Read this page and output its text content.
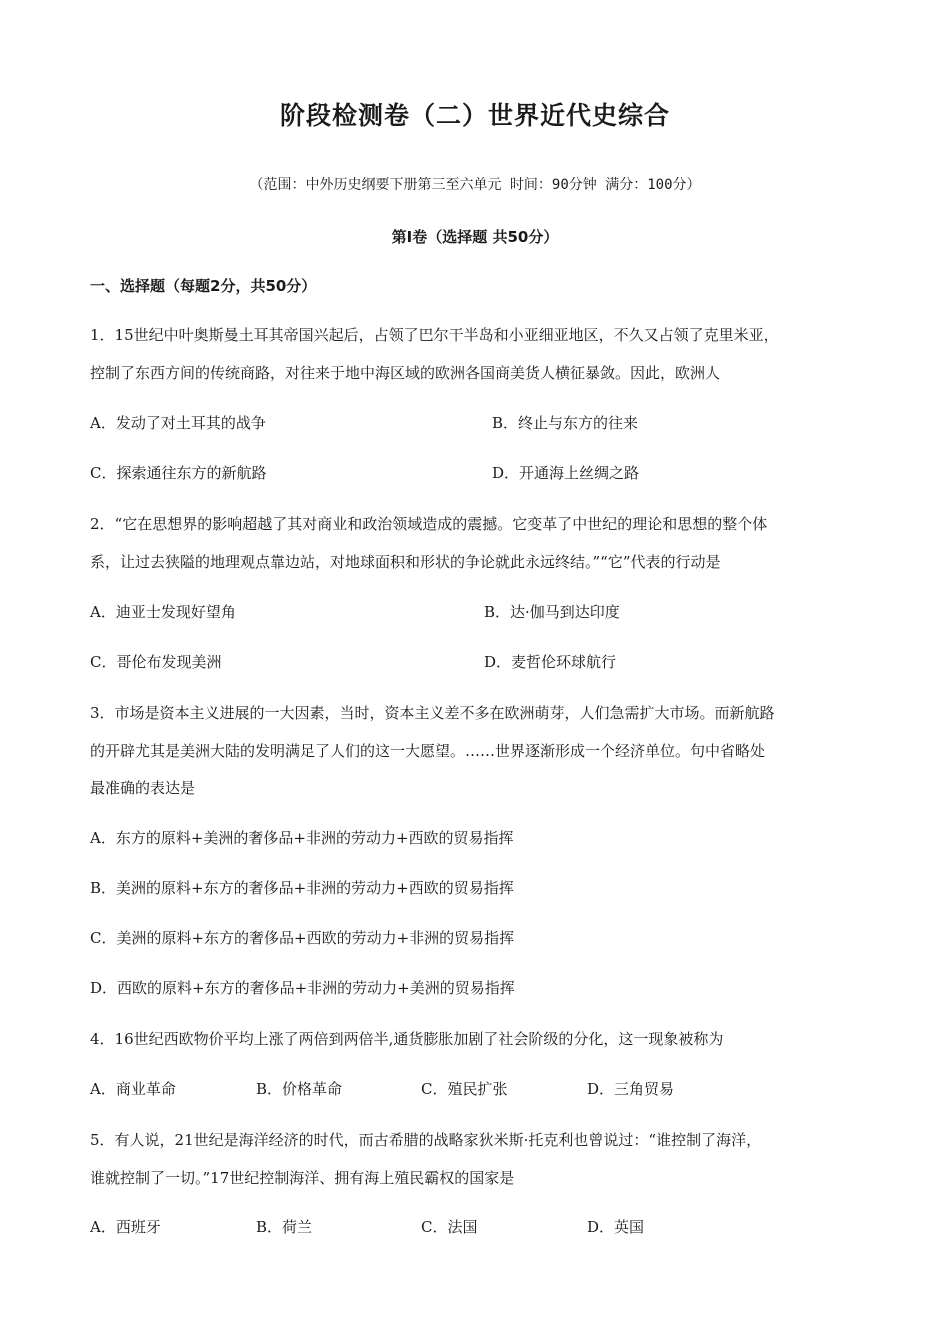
阶段检测卷（二）世界近代史综合
（范围：中外历史纲要下册第三至六单元 时间：90分钟 满分：100分）
第Ⅰ卷（选择题 共50分）
一、选择题（每题2分，共50分）
1．15世纪中叶奥斯曼土耳其帝国兴起后，占领了巴尔干半岛和小亚细亚地区，不久又占领了克里米亚，
控制了东西方间的传统商路，对往来于地中海区域的欧洲各国商美货人横征暴敛。因此，欧洲人
A．发动了对土耳其的战争	B．终止与东方的往来
C．探索通往东方的新航路	D．开通海上丝绸之路
2．“它在思想界的影响超越了其对商业和政治领域造成的震撼。它变革了中世纪的理论和思想的整个体
系，让过去狭隘的地理观点靠边站，对地球面积和形状的争论就此永远终结。”“它”代表的行动是
A．迪亚士发现好望角	B．达·伽马到达印度
C．哥伦布发现美洲	D．麦哲伦环球航行
3．市场是资本主义进展的一大因素，当时，资本主义差不多在欧洲萌芽，人们急需扩大市场。而新航路
的开辟尤其是美洲大陆的发明满足了人们的这一大愿望。……世界逐渐形成一个经济单位。句中省略处
最准确的表达是
A．东方的原料+美洲的奢侈品+非洲的劳动力+西欧的贸易指挥
B．美洲的原料+东方的奢侈品+非洲的劳动力+西欧的贸易指挥
C．美洲的原料+东方的奢侈品+西欧的劳动力+非洲的贸易指挥
D．西欧的原料+东方的奢侈品+非洲的劳动力+美洲的贸易指挥
4．16世纪西欧物价平均上涨了两倍到两倍半,通货膨胀加剧了社会阶级的分化，这一现象被称为
A．商业革命	B．价格革命	C．殖民扩张	D．三角贸易
5．有人说，21世纪是海洋经济的时代，而古希腊的战略家狄米斯·托克利也曾说过：“谁控制了海洋，
谁就控制了一切。”17世纪控制海洋、拥有海上殖民霸权的国家是
A．西班牙	B．荷兰	C．法国	D．英国
